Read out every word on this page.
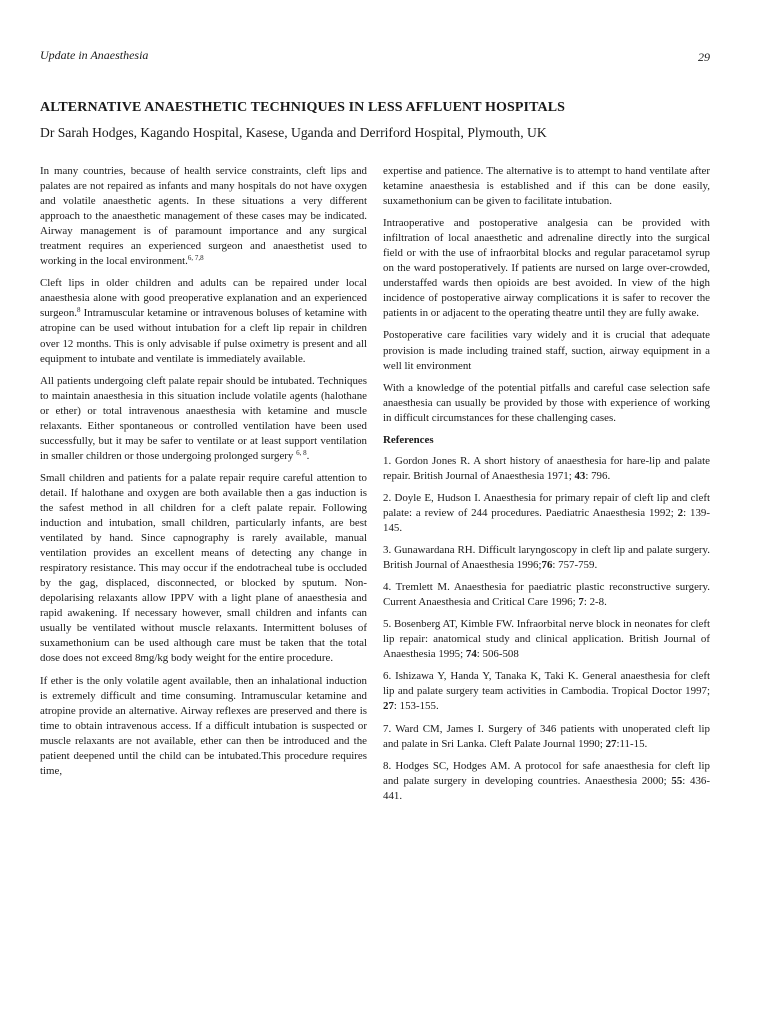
Update in Anaesthesia	29
ALTERNATIVE ANAESTHETIC TECHNIQUES IN LESS AFFLUENT HOSPITALS
Dr Sarah Hodges, Kagando Hospital, Kasese, Uganda and Derriford Hospital, Plymouth, UK

In many countries, because of health service constraints, cleft lips and palates are not repaired as infants and many hospitals do not have oxygen and volatile anaesthetic agents. In these situations a very different approach to the anaesthetic management of these cases may be indicated. Airway management is of paramount importance and any surgical treatment requires an experienced surgeon and anaesthetist used to working in the local environment.$^{6, 7,8}$

Cleft lips in older children and adults can be repaired under local anaesthesia alone with good preoperative explanation and an experienced surgeon.$^8$ Intramuscular ketamine or intravenous boluses of ketamine with atropine can be used without intubation for a cleft lip repair in children over 12 months. This is only advisable if pulse oximetry is present and all equipment to intubate and ventilate is immediately available.

All patients undergoing cleft palate repair should be intubated. Techniques to maintain anaesthesia in this situation include volatile agents (halothane or ether) or total intravenous anaesthesia with ketamine and muscle relaxants. Either spontaneous or controlled ventilation have been used successfully, but it may be safer to ventilate or at least support ventilation in smaller children or those undergoing prolonged surgery $^{6, 8}$.

Small children and patients for a palate repair require careful attention to detail. If halothane and oxygen are both available then a gas induction is the safest method in all children for a cleft palate repair. Following induction and intubation, small children, particularly infants, are best ventilated by hand. Since capnography is rarely available, manual ventilation provides an excellent means of detecting any change in respiratory resistance. This may occur if the endotracheal tube is occluded by the gag, displaced, disconnected, or blocked by sputum. Non-depolarising relaxants allow IPPV with a light plane of anaesthesia and rapid awakening. If necessary however, small children and infants can usually be ventilated without muscle relaxants. Intermittent boluses of suxamethonium can be used although care must be taken that the total dose does not exceed 8mg/kg body weight for the entire procedure.

If ether is the only volatile agent available, then an inhalational induction is extremely difficult and time consuming. Intramuscular ketamine and atropine provide an alternative. Airway reflexes are preserved and there is time to obtain intravenous access. If a difficult intubation is suspected or muscle relaxants are not available, ether can then be introduced and the patient deepened until the child can be intubated.This procedure requires time,

expertise and patience. The alternative is to attempt to hand ventilate after ketamine anaesthesia is established and if this can be done easily, suxamethonium can be given to facilitate intubation.

Intraoperative and postoperative analgesia can be provided with infiltration of local anaesthetic and adrenaline directly into the surgical field or with the use of infraorbital blocks and regular paracetamol syrup on the ward postoperatively. If patients are nursed on large over-crowded, understaffed wards then opioids are best avoided. In view of the high incidence of postoperative airway complications it is safer to recover the patients in or adjacent to the operating theatre until they are fully awake.

Postoperative care facilities vary widely and it is crucial that adequate provision is made including trained staff, suction, airway equipment in a well lit environment

With a knowledge of the potential pitfalls and careful case selection safe anaesthesia can usually be provided by those with experience of working in difficult circumstances for these challenging cases.

References
1. Gordon Jones R. A short history of anaesthesia for hare-lip and palate repair. British Journal of Anaesthesia 1971; 43: 796.
2. Doyle E, Hudson I. Anaesthesia for primary repair of cleft lip and cleft palate: a review of 244 procedures. Paediatric Anaesthesia 1992; 2: 139-145.
3. Gunawardana RH. Difficult laryngoscopy in cleft lip and palate surgery. British Journal of Anaesthesia 1996;76: 757-759.
4. Tremlett M. Anaesthesia for paediatric plastic reconstructive surgery. Current Anaesthesia and Critical Care 1996; 7: 2-8.
5. Bosenberg AT, Kimble FW. Infraorbital nerve block in neonates for cleft lip repair: anatomical study and clinical application. British Journal of Anaesthesia 1995; 74: 506-508
6. Ishizawa Y, Handa Y, Tanaka K, Taki K. General anaesthesia for cleft lip and palate surgery team activities in Cambodia. Tropical Doctor 1997; 27: 153-155.
7. Ward CM, James I. Surgery of 346 patients with unoperated cleft lip and palate in Sri Lanka. Cleft Palate Journal 1990; 27:11-15.
8. Hodges SC, Hodges AM. A protocol for safe anaesthesia for cleft lip and palate surgery in developing countries. Anaesthesia 2000; 55: 436-441.
